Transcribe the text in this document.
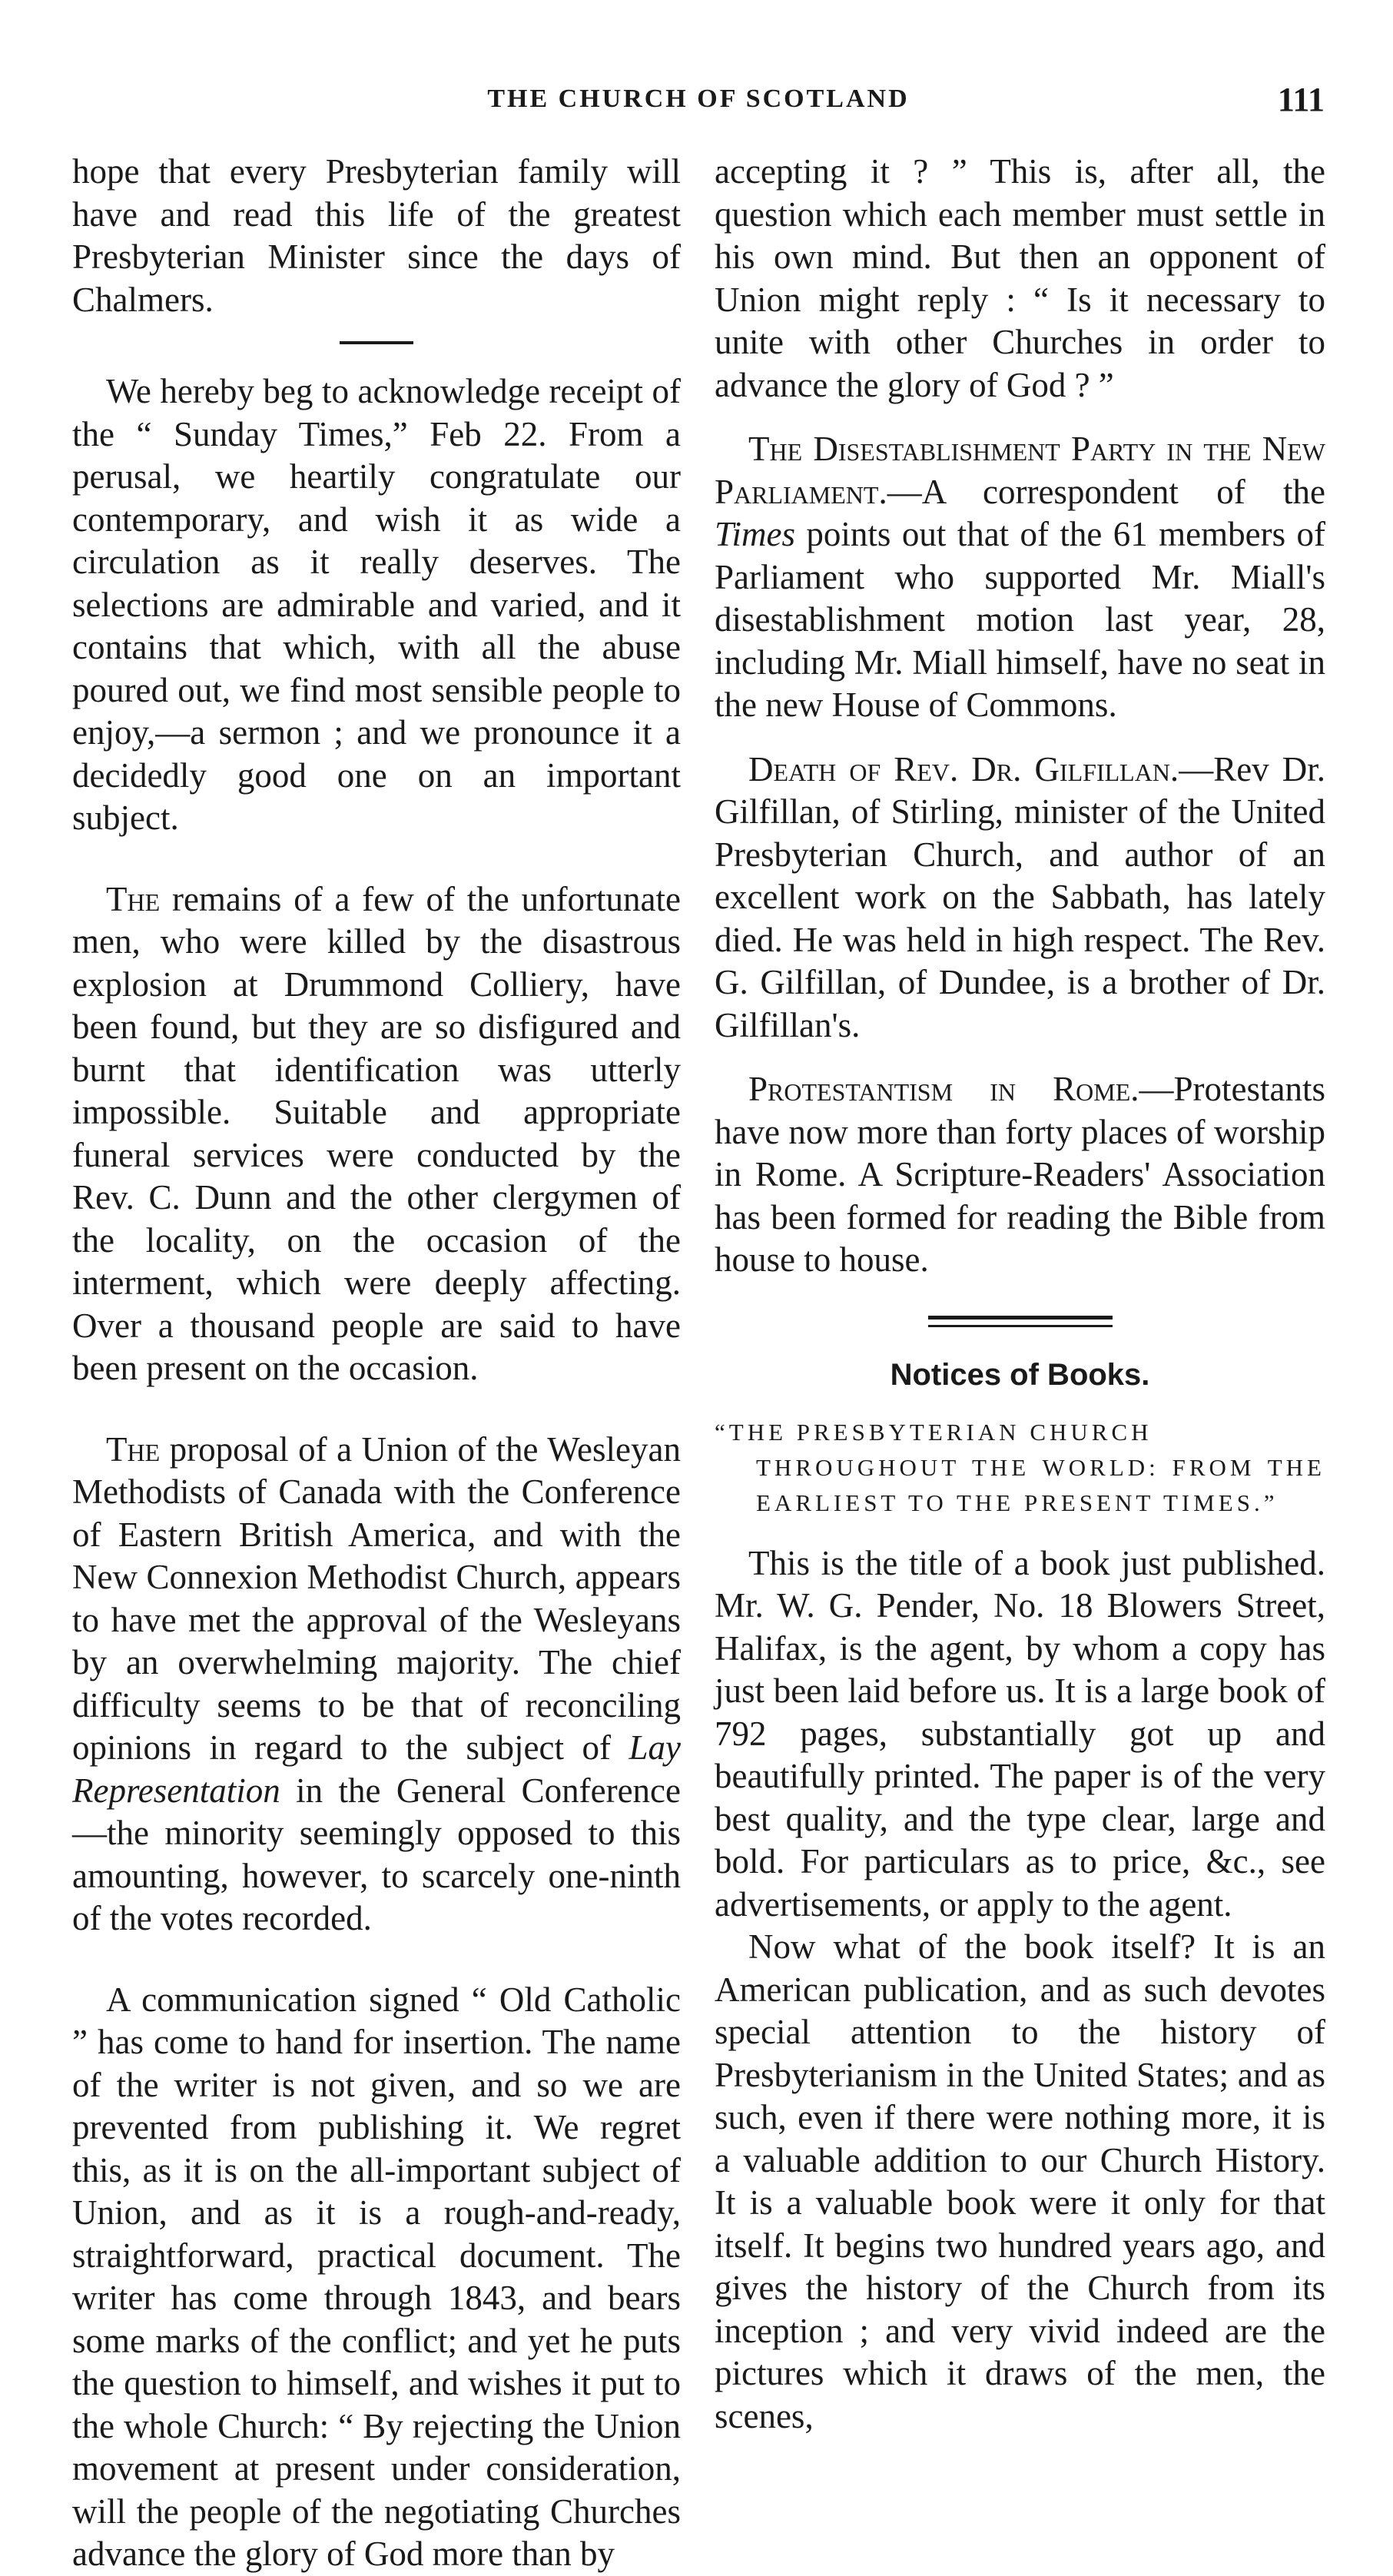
THE CHURCH OF SCOTLAND	111

hope that every Presbyterian family will have and read this life of the greatest Presbyterian Minister since the days of Chalmers.

We hereby beg to acknowledge receipt of the “ Sunday Times,” Feb 22. From a perusal, we heartily congratulate our contemporary, and wish it as wide a circulation as it really deserves. The selections are admirable and varied, and it contains that which, with all the abuse poured out, we find most sensible people to enjoy,—a sermon ; and we pronounce it a decidedly good one on an important subject.

The remains of a few of the unfortunate men, who were killed by the disastrous explosion at Drummond Colliery, have been found, but they are so disfigured and burnt that identification was utterly impossible. Suitable and appropriate funeral services were conducted by the Rev. C. Dunn and the other clergymen of the locality, on the occasion of the interment, which were deeply affecting. Over a thousand people are said to have been present on the occasion.

The proposal of a Union of the Wesleyan Methodists of Canada with the Conference of Eastern British America, and with the New Connexion Methodist Church, appears to have met the approval of the Wesleyans by an overwhelming majority. The chief difficulty seems to be that of reconciling opinions in regard to the subject of Lay Representation in the General Conference—the minority seemingly opposed to this amounting, however, to scarcely one-ninth of the votes recorded.

A communication signed “ Old Catholic ” has come to hand for insertion. The name of the writer is not given, and so we are prevented from publishing it. We regret this, as it is on the all-important subject of Union, and as it is a rough-and-ready, straightforward, practical document. The writer has come through 1843, and bears some marks of the conflict; and yet he puts the question to himself, and wishes it put to the whole Church: “ By rejecting the Union movement at present under consideration, will the people of the negotiating Churches advance the glory of God more than by

accepting it ? ” This is, after all, the question which each member must settle in his own mind. But then an opponent of Union might reply : “ Is it necessary to unite with other Churches in order to advance the glory of God ? ”

The Disestablishment Party in the New Parliament.—A correspondent of the Times points out that of the 61 members of Parliament who supported Mr. Miall's disestablishment motion last year, 28, including Mr. Miall himself, have no seat in the new House of Commons.

Death of Rev. Dr. Gilfillan.—Rev Dr. Gilfillan, of Stirling, minister of the United Presbyterian Church, and author of an excellent work on the Sabbath, has lately died. He was held in high respect. The Rev. G. Gilfillan, of Dundee, is a brother of Dr. Gilfillan's.

Protestantism in Rome.—Protestants have now more than forty places of worship in Rome. A Scripture-Readers' Association has been formed for reading the Bible from house to house.

Notices of Books.
“THE PRESBYTERIAN CHURCH
THROUGHOUT THE WORLD: FROM THE EARLIEST TO THE PRESENT TIMES.”

This is the title of a book just published. Mr. W. G. Pender, No. 18 Blowers Street, Halifax, is the agent, by whom a copy has just been laid before us. It is a large book of 792 pages, substantially got up and beautifully printed. The paper is of the very best quality, and the type clear, large and bold. For particulars as to price, &c., see advertisements, or apply to the agent.

Now what of the book itself? It is an American publication, and as such devotes special attention to the history of Presbyterianism in the United States; and as such, even if there were nothing more, it is a valuable addition to our Church History. It is a valuable book were it only for that itself. It begins two hundred years ago, and gives the history of the Church from its inception ; and very vivid indeed are the pictures which it draws of the men, the scenes,
